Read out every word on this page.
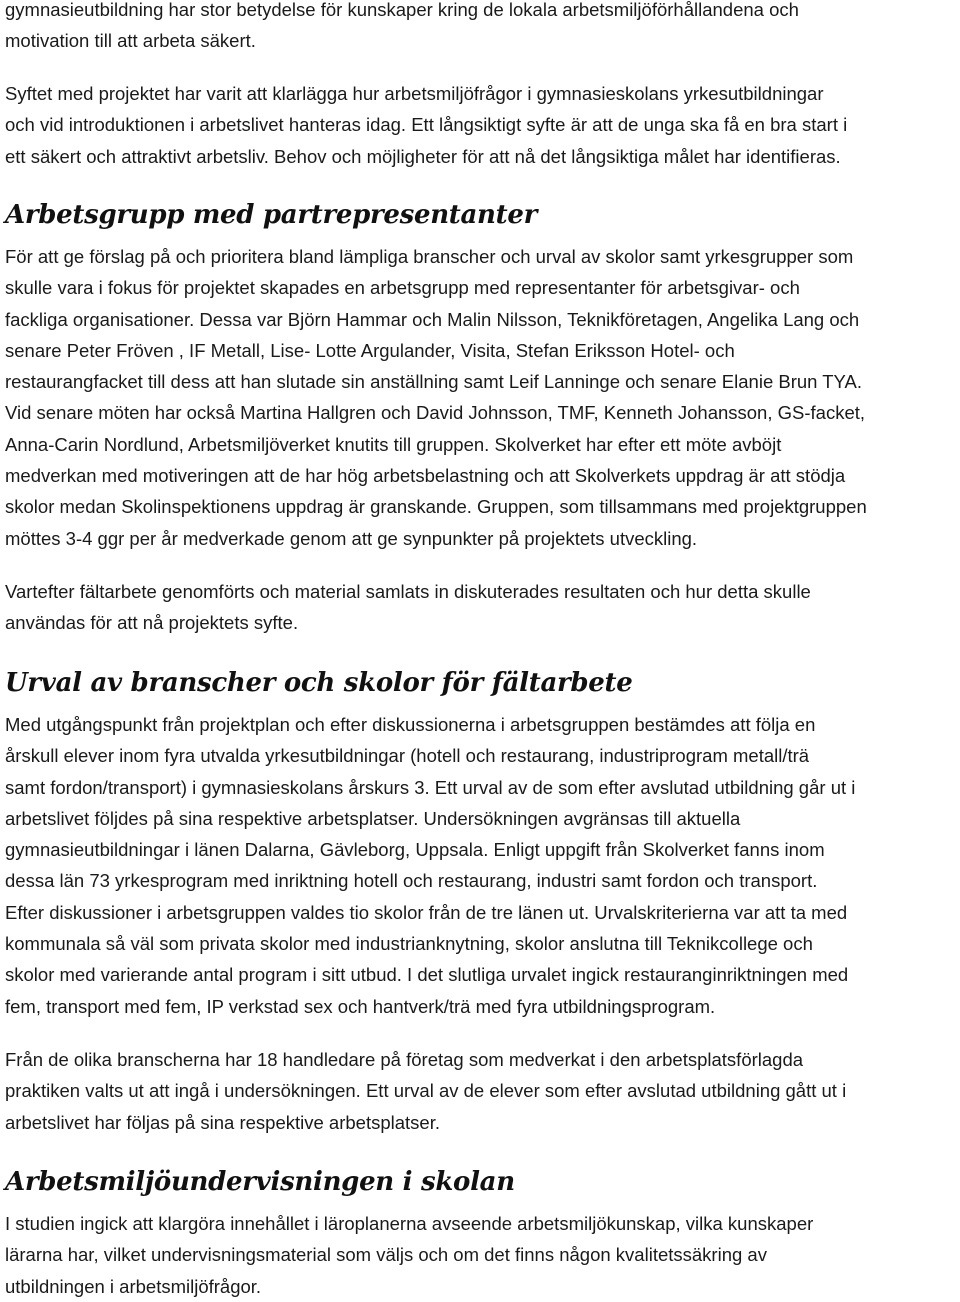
gymnasieutbildning har stor betydelse för kunskaper kring de lokala arbetsmiljöförhållandena och
motivation till att arbeta säkert.

Syftet med projektet har varit att klarlägga hur arbetsmiljöfrågor i gymnasieskolans yrkesutbildningar
och vid introduktionen i arbetslivet hanteras idag. Ett långsiktigt syfte är att de unga ska få en bra start i
ett säkert och attraktivt arbetsliv. Behov och möjligheter för att nå det långsiktiga målet har identifieras.

Arbetsgrupp med partrepresentanter

För att ge förslag på och prioritera bland lämpliga branscher och urval av skolor samt yrkesgrupper som
skulle vara i fokus för projektet skapades en arbetsgrupp med representanter för arbetsgivar- och
fackliga organisationer. Dessa var Björn Hammar och Malin Nilsson, Teknikföretagen, Angelika Lang och
senare Peter Fröven , IF Metall, Lise- Lotte Argulander, Visita, Stefan Eriksson Hotel- och
restaurangfacket till dess att han slutade sin anställning samt Leif Lanninge och senare Elanie Brun TYA.
Vid senare möten har också Martina Hallgren och David Johnsson, TMF, Kenneth Johansson, GS-facket,
Anna-Carin Nordlund, Arbetsmiljöverket knutits till gruppen. Skolverket har efter ett möte avböjt
medverkan med motiveringen att de har hög arbetsbelastning och att Skolverkets uppdrag är att stödja
skolor medan Skolinspektionens uppdrag är granskande. Gruppen, som tillsammans med projektgruppen
möttes 3-4 ggr per år medverkade genom att ge synpunkter på projektets utveckling.

Vartefter fältarbete genomförts och material samlats in diskuterades resultaten och hur detta skulle
användas för att nå projektets syfte.

Urval av branscher och skolor för fältarbete

Med utgångspunkt från projektplan och efter diskussionerna i arbetsgruppen bestämdes att följa en
årskull elever inom fyra utvalda yrkesutbildningar (hotell och restaurang, industriprogram metall/trä
samt fordon/transport) i gymnasieskolans årskurs 3. Ett urval av de som efter avslutad utbildning går ut i
arbetslivet följdes på sina respektive arbetsplatser. Undersökningen avgränsas till aktuella
gymnasieutbildningar i länen Dalarna, Gävleborg, Uppsala. Enligt uppgift från Skolverket fanns inom
dessa län 73 yrkesprogram med inriktning hotell och restaurang, industri samt fordon och transport.
Efter diskussioner i arbetsgruppen valdes tio skolor från de tre länen ut. Urvalskriterierna var att ta med
kommunala så väl som privata skolor med industrianknytning, skolor anslutna till Teknikcollege och
skolor med varierande antal program i sitt utbud. I det slutliga urvalet ingick restauranginriktningen med
fem, transport med fem, IP verkstad sex och hantverk/trä med fyra utbildningsprogram.

Från de olika branscherna har 18 handledare på företag som medverkat i den arbetsplatsförlagda
praktiken valts ut att ingå i undersökningen. Ett urval av de elever som efter avslutad utbildning gått ut i
arbetslivet har följas på sina respektive arbetsplatser.

Arbetsmiljöundervisningen i skolan

I studien ingick att klargöra innehållet i läroplanerna avseende arbetsmiljökunskap, vilka kunskaper
lärarna har, vilket undervisningsmaterial som väljs och om det finns någon kvalitetssäkring av
utbildningen i arbetsmiljöfrågor.
